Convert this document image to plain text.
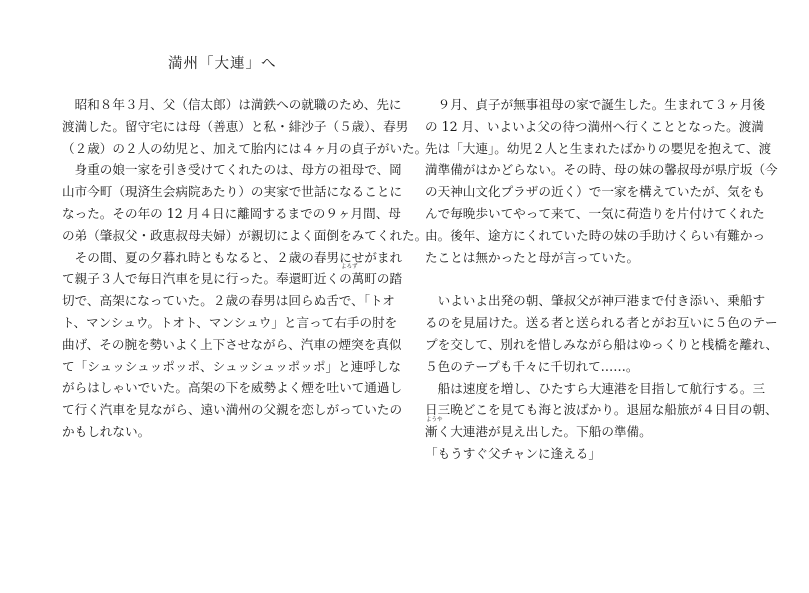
満州「大連」へ
　昭和８年３月、父（信太郎）は満鉄への就職のため、先に
渡満した。留守宅には母（善恵）と私・緋沙子（５歳）、春男
（２歳）の２人の幼児と、加えて胎内には４ヶ月の貞子がいた。
　身重の娘一家を引き受けてくれたのは、母方の祖母で、岡
山市今町（現済生会病院あたり）の実家で世話になることに
なった。その年の 12 月４日に離岡するまでの９ヶ月間、母
の弟（肇叔父・政恵叔母夫婦）が親切によく面倒をみてくれた。
　その間、夏の夕暮れ時ともなると、２歳の春男にせがまれ
よろず
て親子３人で毎日汽車を見に行った。奉還町近くの萬町の踏
切で、高架になっていた。２歳の春男は回らぬ舌で、「トオ
ト、マンシュウ。トオト、マンシュウ」と言って右手の肘を
曲げ、その腕を勢いよく上下させながら、汽車の煙突を真似
て「シュッシュッポッポ、シュッシュッポッポ」と連呼しな
がらはしゃいでいた。高架の下を威勢よく煙を吐いて通過し
て行く汽車を見ながら、遠い満州の父親を恋しがっていたの
かもしれない。
　９月、貞子が無事祖母の家で誕生した。生まれて３ヶ月後
の 12 月、いよいよ父の待つ満州へ行くこととなった。渡満
先は「大連」。幼児２人と生まれたばかりの嬰児を抱えて、渡
満準備がはかどらない。その時、母の妹の馨叔母が県庁坂（今
の天神山文化プラザの近く）で一家を構えていたが、気をも
んで毎晩歩いてやって来て、一気に荷造りを片付けてくれた
由。後年、途方にくれていた時の妹の手助けくらい有難かっ
たことは無かったと母が言っていた。
　いよいよ出発の朝、肇叔父が神戸港まで付き添い、乗船す
るのを見届けた。送る者と送られる者とがお互いに５色のテー
プを交して、別れを惜しみながら船はゆっくりと桟橋を離れ、
５色のテープも千々に千切れて……。
　船は速度を増し、ひたすら大連港を目指して航行する。三
日三晩どこを見ても海と波ばかり。退屈な船旅が４日目の朝、
ようや
漸く大連港が見え出した。下船の準備。
「もうすぐ父チャンに逢える」
